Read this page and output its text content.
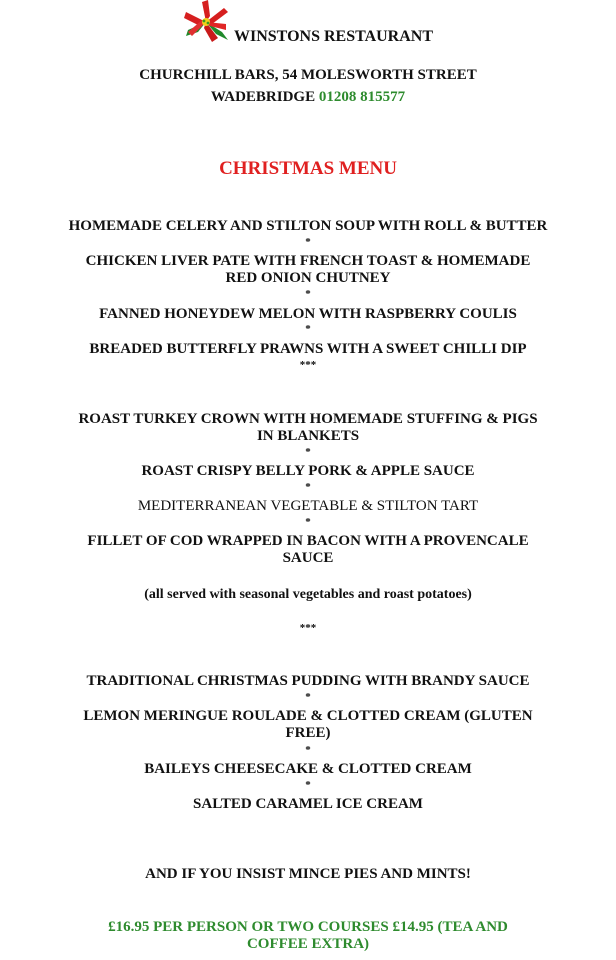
WINSTONS RESTAURANT
CHURCHILL BARS, 54 MOLESWORTH STREET
WADEBRIDGE 01208 815577
CHRISTMAS MENU
HOMEMADE CELERY AND STILTON SOUP WITH ROLL & BUTTER
*
CHICKEN LIVER PATE WITH FRENCH TOAST & HOMEMADE RED ONION CHUTNEY
*
FANNED HONEYDEW MELON WITH RASPBERRY COULIS
*
BREADED BUTTERFLY PRAWNS WITH A SWEET CHILLI DIP
***
ROAST TURKEY CROWN WITH HOMEMADE STUFFING & PIGS IN BLANKETS
*
ROAST CRISPY BELLY PORK & APPLE SAUCE
*
MEDITERRANEAN VEGETABLE & STILTON TART
*
FILLET OF COD WRAPPED IN BACON WITH A PROVENCALE SAUCE
(all served with seasonal vegetables and roast potatoes)
***
TRADITIONAL CHRISTMAS PUDDING WITH BRANDY SAUCE
*
LEMON MERINGUE ROULADE & CLOTTED CREAM (GLUTEN FREE)
*
BAILEYS CHEESECAKE & CLOTTED CREAM
*
SALTED CARAMEL ICE CREAM
AND IF YOU INSIST MINCE PIES AND MINTS!
£16.95 PER PERSON OR TWO COURSES £14.95 (TEA AND COFFEE EXTRA)
